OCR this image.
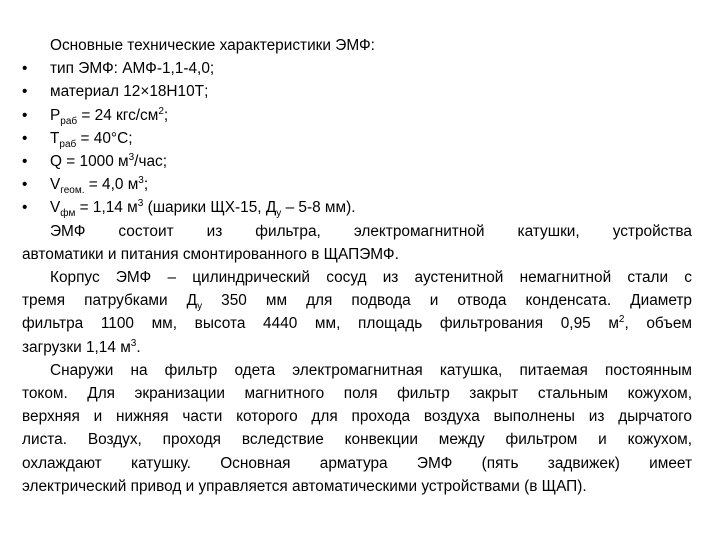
Основные технические характеристики ЭМФ:
•	тип ЭМФ: АМФ-1,1-4,0;
•	материал 12×18Н10Т;
•	$Р_{раб} = 24$ кгс/$см^2$;
•	$Т_{раб} = 40^\circ С$;
•	Q = 1000 $м^3$/час;
•	$V_{геом.} = 4,0$ $м^3$;
•	$V_{фм} = 1,14$ $м^3$ (шарики ЩХ-15, $Д_у - 5-8$ мм).
ЭМФ состоит из фильтра, электромагнитной катушки, устройства
автоматики и питания смонтированного в ЩАПЭМФ.
Корпус ЭМФ – цилиндрический сосуд из аустенитной немагнитной стали с
тремя патрубками $Д_у$ 350 мм для подвода и отвода конденсата. Диаметр
фильтра 1100 мм, высота 4440 мм, площадь фильтрования 0,95 $м^2$, объем
загрузки 1,14 $м^3$.
Снаружи на фильтр одета электромагнитная катушка, питаемая постоянным
током. Для экранизации магнитного поля фильтр закрыт стальным кожухом,
верхняя и нижняя части которого для прохода воздуха выполнены из дырчатого
листа. Воздух, проходя вследствие конвекции между фильтром и кожухом,
охлаждают катушку. Основная арматура ЭМФ (пять задвижек) имеет
электрический привод и управляется автоматическими устройствами (в ЩАП).
